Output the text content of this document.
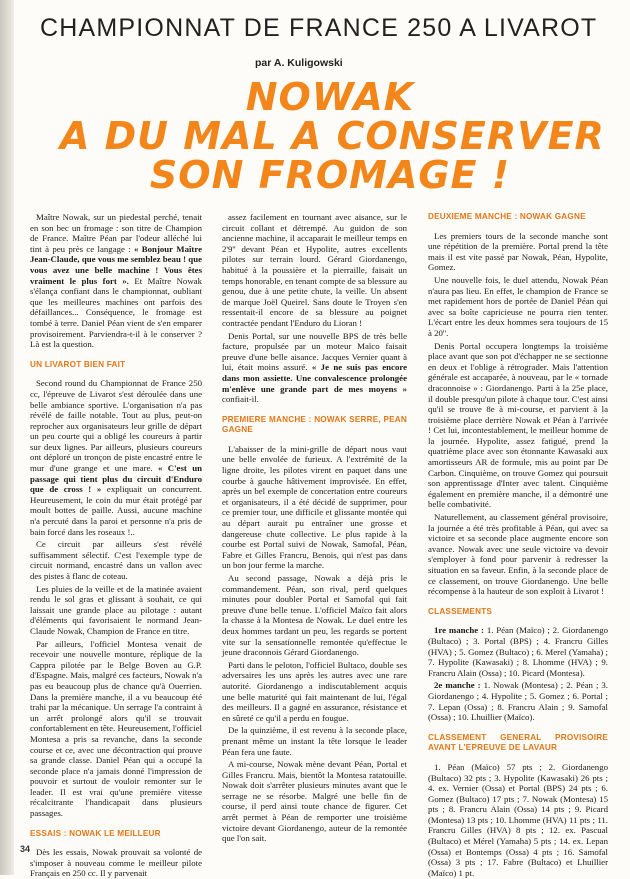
CHAMPIONNAT DE FRANCE 250 A LIVAROT
par A. Kuligowski
NOWAK
A DU MAL A CONSERVER
SON FROMAGE !

Maître Nowak, sur un piedestal perché, tenait en son bec un fromage : son titre de Champion de France. Maître Péan par l'odeur alléché lui tint à peu près ce langage : « Bonjour Maître Jean-Claude, que vous me semblez beau ! que vous avez une belle machine ! Vous êtes vraiment le plus fort ». Et Maître Nowak s'élança confiant dans le championnat, oubliant que les meilleures machines ont parfois des défaillances... Conséquence, le fromage est tombé à terre. Daniel Péan vient de s'en emparer provisoirement. Parviendra-t-il à le conserver ? Là est la question.

UN LIVAROT BIEN FAIT

Second round du Championnat de France 250 cc, l'épreuve de Livarot s'est déroulée dans une belle ambiance sportive. L'organisation n'a pas révélé de faille notable. Tout au plus, peut-on reprocher aux organisateurs leur grille de départ un peu courte qui a obligé les coureurs à partir sur deux lignes. Par ailleurs, plusieurs coureurs ont déploré un tronçon de piste encastré entre le mur d'une grange et une mare. « C'est un passage qui tient plus du circuit d'Enduro que de cross ! » expliquait un concurrent. Heureusement, le coin du mur était protégé par moult bottes de paille. Aussi, aucune machine n'a percuté dans la paroi et personne n'a pris de bain forcé dans les roseaux !..

Ce circuit par ailleurs s'est révélé suffisamment sélectif. C'est l'exemple type de circuit normand, encastré dans un vallon avec des pistes à flanc de coteau.

Les pluies de la veille et de la matinée avaient rendu le sol gras et glissant à souhait, ce qui laissait une grande place au pilotage : autant d'éléments qui favorisaient le normand Jean-Claude Nowak, Champion de France en titre.

Par ailleurs, l'officiel Montesa venait de recevoir une nouvelle monture, réplique de la Cappra pilotée par le Belge Boven au G.P. d'Espagne. Mais, malgré ces facteurs, Nowak n'a pas eu beaucoup plus de chance qu'à Ouerrien. Dans la première manche, il a vu beaucoup été trahi par la mécanique. Un serrage l'a contraint à un arrêt prolongé alors qu'il se trouvait confortablement en tête. Heureusement, l'officiel Montesa a pris sa revanche, dans la seconde course et ce, avec une décontraction qui prouve sa grande classe. Daniel Péan qui a occupé la seconde place n'a jamais donné l'impression de pouvoir et surtout de vouloir remonter sur le leader. Il est vrai qu'une première vitesse récalcitrante l'handicapait dans plusieurs passages.

ESSAIS : NOWAK LE MEILLEUR

Dès les essais, Nowak prouvait sa volonté de s'imposer à nouveau comme le meilleur pilote Français en 250 cc. Il y parvenait

assez facilement en tournant avec aisance, sur le circuit collant et détrempé. Au guidon de son ancienne machine, il accaparait le meilleur temps en 2'9'' devant Péan et Hypolite, autres excellents pilotes sur terrain lourd. Gérard Giordanengo, habitué à la poussière et la pierraille, faisait un temps honorable, en tenant compte de sa blessure au genou, due à une petite chute, la veille. Un absent de marque Joël Queirel. Sans doute le Troyen s'en ressentait-il encore de sa blessure au poignet contractée pendant l'Enduro du Lioran !

Denis Portal, sur une nouvelle BPS de très belle facture, propulsée par un moteur Maïco faisait preuve d'une belle aisance. Jacques Vernier quant à lui, était moins assuré. « Je ne suis pas encore dans mon assiette. Une convalescence prolongée m'enlève une grande part de mes moyens » confiait-il.

PREMIERE MANCHE : NOWAK SERRE, PEAN GAGNE

L'abaisser de la mini-grille de départ nous vaut une belle envolée de furieux. A l'extrémité de la ligne droite, les pilotes virent en paquet dans une courbe à gauche hâtivement improvisée. En effet, après un bel exemple de concertation entre coureurs et organisateurs, il a été décidé de supprimer, pour ce premier tour, une difficile et glissante montée qui au départ aurait pu entraîner une grosse et dangereuse chute collective. Le plus rapide à la courbe est Portal suivi de Nowak, Samofal, Péan, Fabre et Gilles Francru, Benois, qui n'est pas dans un bon jour ferme la marche.

Au second passage, Nowak a déjà pris le commandement. Péan, son rival, perd quelques minutes pour doubler Portal et Samofal qui fait preuve d'une belle tenue. L'officiel Maïco fait alors la chasse à la Montesa de Nowak. Le duel entre les deux hommes tardant un peu, les regards se portent vite sur la sensationnelle remontée qu'effectue le jeune draconnois Gérard Giordanengo.

Parti dans le peloton, l'officiel Bultaco, double ses adversaires les uns après les autres avec une rare autorité. Giordanengo a indiscutablement acquis une belle maturité qui fait maintenant de lui, l'égal des meilleurs. Il a gagné en assurance, résistance et en sûreté ce qu'il a perdu en fougue.

De la quinzième, il est revenu à la seconde place, prenant même un instant la tête lorsque le leader Péan fera une faute.

A mi-course, Nowak mène devant Péan, Portal et Gilles Francru. Mais, bientôt la Montesa ratatouille. Nowak doit s'arrêter plusieurs minutes avant que le serrage ne se résorbe. Malgré une belle fin de course, il perd ainsi toute chance de figurer. Cet arrêt permet à Péan de remporter une troisième victoire devant Giordanengo, auteur de la remontée que l'on sait.

DEUXIEME MANCHE : NOWAK GAGNE

Les premiers tours de la seconde manche sont une répétition de la première. Portal prend la tête mais il est vite passé par Nowak, Péan, Hypolite, Gomez.

Une nouvelle fois, le duel attendu, Nowak Péan n'aura pas lieu. En effet, le champion de France se met rapidement hors de portée de Daniel Péan qui avec sa boîte capricieuse ne pourra rien tenter. L'écart entre les deux hommes sera toujours de 15 à 20''.

Denis Portal occupera longtemps la troisième place avant que son pot d'échapper ne se sectionne en deux et l'oblige à rétrograder. Mais l'attention générale est accaparée, à nouveau, par le « tornade draconnoise » : Giordanengo. Parti à la 25e place, il double presqu'un pilote à chaque tour. C'est ainsi qu'il se trouve 8e à mi-course, et parvient à la troisième place derrière Nowak et Péan à l'arrivée ! Cet lui, incontestablement, le meilleur homme de la journée. Hypolite, assez fatigué, prend la quatrième place avec son étonnante Kawasaki aux amortisseurs AR de formule, mis au point par De Carbon. Cinquième, on trouve Gomez qui poursuit son apprentissage d'Inter avec talent. Cinquième également en première manche, il a démontré une belle combativité.

Naturellement, au classement général provisoire, la journée a été très profitable à Péan, qui avec sa victoire et sa seconde place augmente encore son avance. Nowak avec une seule victoire va devoir s'employer à fond pour parvenir à redresser la situation en sa faveur. Enfin, à la seconde place de ce classement, on trouve Giordanengo. Une belle récompense à la hauteur de son exploit à Livarot !

CLASSEMENTS

1re manche : 1. Péan (Maïco) ; 2. Giordanengo (Bultaco) ; 3. Portal (BPS) ; 4. Francru Gilles (HVA) ; 5. Gomez (Bultaco) ; 6. Merel (Yamaha) ; 7. Hypolite (Kawasaki) ; 8. Lhomme (HVA) ; 9. Francru Alain (Ossa) ; 10. Picard (Montesa).

2e manche : 1. Nowak (Montesa) ; 2. Péan ; 3. Giordanengo ; 4. Hypolite ; 5. Gomez ; 6. Portal ; 7. Lepan (Ossa) ; 8. Francru Alain ; 9. Samofal (Ossa) ; 10. Lhuillier (Maïco).

CLASSEMENT GENERAL PROVISOIRE AVANT L'EPREUVE DE LAVAUR

1. Péan (Maïco) 57 pts ; 2. Giordanengo (Bultaco) 32 pts ; 3. Hypolite (Kawasaki) 26 pts ; 4. ex. Vernier (Ossa) et Portal (BPS) 24 pts ; 6. Gomez (Bultaco) 17 pts ; 7. Nowak (Montesa) 15 pts ; 8. Francru Alain (Ossa) 14 pts ; 9. Picard (Montesa) 13 pts ; 10. Lhomme (HVA) 11 pts ; 11. Francru Gilles (HVA) 8 pts ; 12. ex. Pascual (Bultaco) et Mérel (Yamaha) 5 pts ; 14. ex. Lepan (Ossa) et Bontemps (Ossa) 4 pts ; 16. Samofal (Ossa) 3 pts ; 17. Fabre (Bultaco) et Lhuillier (Maïco) 1 pt.

34
